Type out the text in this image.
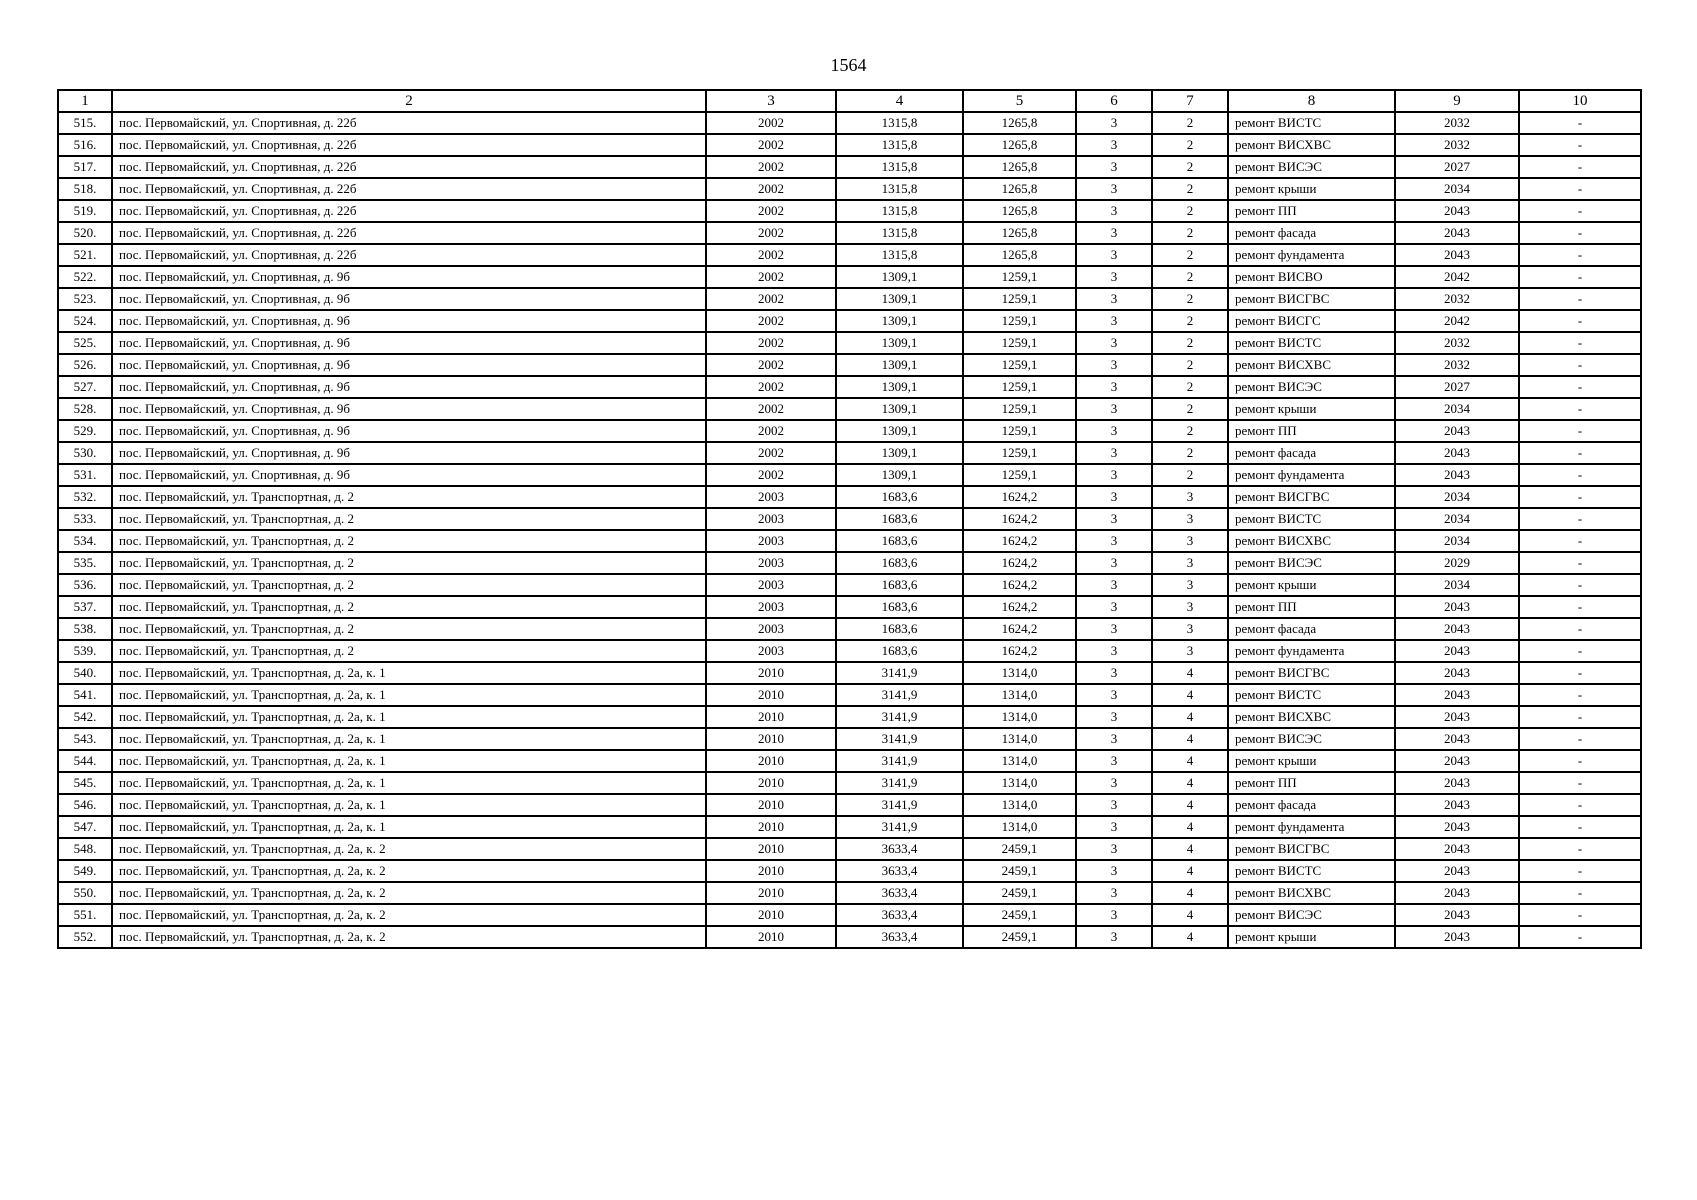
1564
1	2	3	4	5	6	7	8	9	10
515.	пос. Первомайский, ул. Спортивная, д. 22б	2002	1315,8	1265,8	3	2	ремонт ВИСТС	2032	-
516.	пос. Первомайский, ул. Спортивная, д. 22б	2002	1315,8	1265,8	3	2	ремонт ВИСХВС	2032	-
517.	пос. Первомайский, ул. Спортивная, д. 22б	2002	1315,8	1265,8	3	2	ремонт ВИСЭС	2027	-
518.	пос. Первомайский, ул. Спортивная, д. 22б	2002	1315,8	1265,8	3	2	ремонт крыши	2034	-
519.	пос. Первомайский, ул. Спортивная, д. 22б	2002	1315,8	1265,8	3	2	ремонт ПП	2043	-
520.	пос. Первомайский, ул. Спортивная, д. 22б	2002	1315,8	1265,8	3	2	ремонт фасада	2043	-
521.	пос. Первомайский, ул. Спортивная, д. 22б	2002	1315,8	1265,8	3	2	ремонт фундамента	2043	-
522.	пос. Первомайский, ул. Спортивная, д. 9б	2002	1309,1	1259,1	3	2	ремонт ВИСВО	2042	-
523.	пос. Первомайский, ул. Спортивная, д. 9б	2002	1309,1	1259,1	3	2	ремонт ВИСГВС	2032	-
524.	пос. Первомайский, ул. Спортивная, д. 9б	2002	1309,1	1259,1	3	2	ремонт ВИСГС	2042	-
525.	пос. Первомайский, ул. Спортивная, д. 9б	2002	1309,1	1259,1	3	2	ремонт ВИСТС	2032	-
526.	пос. Первомайский, ул. Спортивная, д. 9б	2002	1309,1	1259,1	3	2	ремонт ВИСХВС	2032	-
527.	пос. Первомайский, ул. Спортивная, д. 9б	2002	1309,1	1259,1	3	2	ремонт ВИСЭС	2027	-
528.	пос. Первомайский, ул. Спортивная, д. 9б	2002	1309,1	1259,1	3	2	ремонт крыши	2034	-
529.	пос. Первомайский, ул. Спортивная, д. 9б	2002	1309,1	1259,1	3	2	ремонт ПП	2043	-
530.	пос. Первомайский, ул. Спортивная, д. 9б	2002	1309,1	1259,1	3	2	ремонт фасада	2043	-
531.	пос. Первомайский, ул. Спортивная, д. 9б	2002	1309,1	1259,1	3	2	ремонт фундамента	2043	-
532.	пос. Первомайский, ул. Транспортная, д. 2	2003	1683,6	1624,2	3	3	ремонт ВИСГВС	2034	-
533.	пос. Первомайский, ул. Транспортная, д. 2	2003	1683,6	1624,2	3	3	ремонт ВИСТС	2034	-
534.	пос. Первомайский, ул. Транспортная, д. 2	2003	1683,6	1624,2	3	3	ремонт ВИСХВС	2034	-
535.	пос. Первомайский, ул. Транспортная, д. 2	2003	1683,6	1624,2	3	3	ремонт ВИСЭС	2029	-
536.	пос. Первомайский, ул. Транспортная, д. 2	2003	1683,6	1624,2	3	3	ремонт крыши	2034	-
537.	пос. Первомайский, ул. Транспортная, д. 2	2003	1683,6	1624,2	3	3	ремонт ПП	2043	-
538.	пос. Первомайский, ул. Транспортная, д. 2	2003	1683,6	1624,2	3	3	ремонт фасада	2043	-
539.	пос. Первомайский, ул. Транспортная, д. 2	2003	1683,6	1624,2	3	3	ремонт фундамента	2043	-
540.	пос. Первомайский, ул. Транспортная, д. 2а, к. 1	2010	3141,9	1314,0	3	4	ремонт ВИСГВС	2043	-
541.	пос. Первомайский, ул. Транспортная, д. 2а, к. 1	2010	3141,9	1314,0	3	4	ремонт ВИСТС	2043	-
542.	пос. Первомайский, ул. Транспортная, д. 2а, к. 1	2010	3141,9	1314,0	3	4	ремонт ВИСХВС	2043	-
543.	пос. Первомайский, ул. Транспортная, д. 2а, к. 1	2010	3141,9	1314,0	3	4	ремонт ВИСЭС	2043	-
544.	пос. Первомайский, ул. Транспортная, д. 2а, к. 1	2010	3141,9	1314,0	3	4	ремонт крыши	2043	-
545.	пос. Первомайский, ул. Транспортная, д. 2а, к. 1	2010	3141,9	1314,0	3	4	ремонт ПП	2043	-
546.	пос. Первомайский, ул. Транспортная, д. 2а, к. 1	2010	3141,9	1314,0	3	4	ремонт фасада	2043	-
547.	пос. Первомайский, ул. Транспортная, д. 2а, к. 1	2010	3141,9	1314,0	3	4	ремонт фундамента	2043	-
548.	пос. Первомайский, ул. Транспортная, д. 2а, к. 2	2010	3633,4	2459,1	3	4	ремонт ВИСГВС	2043	-
549.	пос. Первомайский, ул. Транспортная, д. 2а, к. 2	2010	3633,4	2459,1	3	4	ремонт ВИСТС	2043	-
550.	пос. Первомайский, ул. Транспортная, д. 2а, к. 2	2010	3633,4	2459,1	3	4	ремонт ВИСХВС	2043	-
551.	пос. Первомайский, ул. Транспортная, д. 2а, к. 2	2010	3633,4	2459,1	3	4	ремонт ВИСЭС	2043	-
552.	пос. Первомайский, ул. Транспортная, д. 2а, к. 2	2010	3633,4	2459,1	3	4	ремонт крыши	2043	-
